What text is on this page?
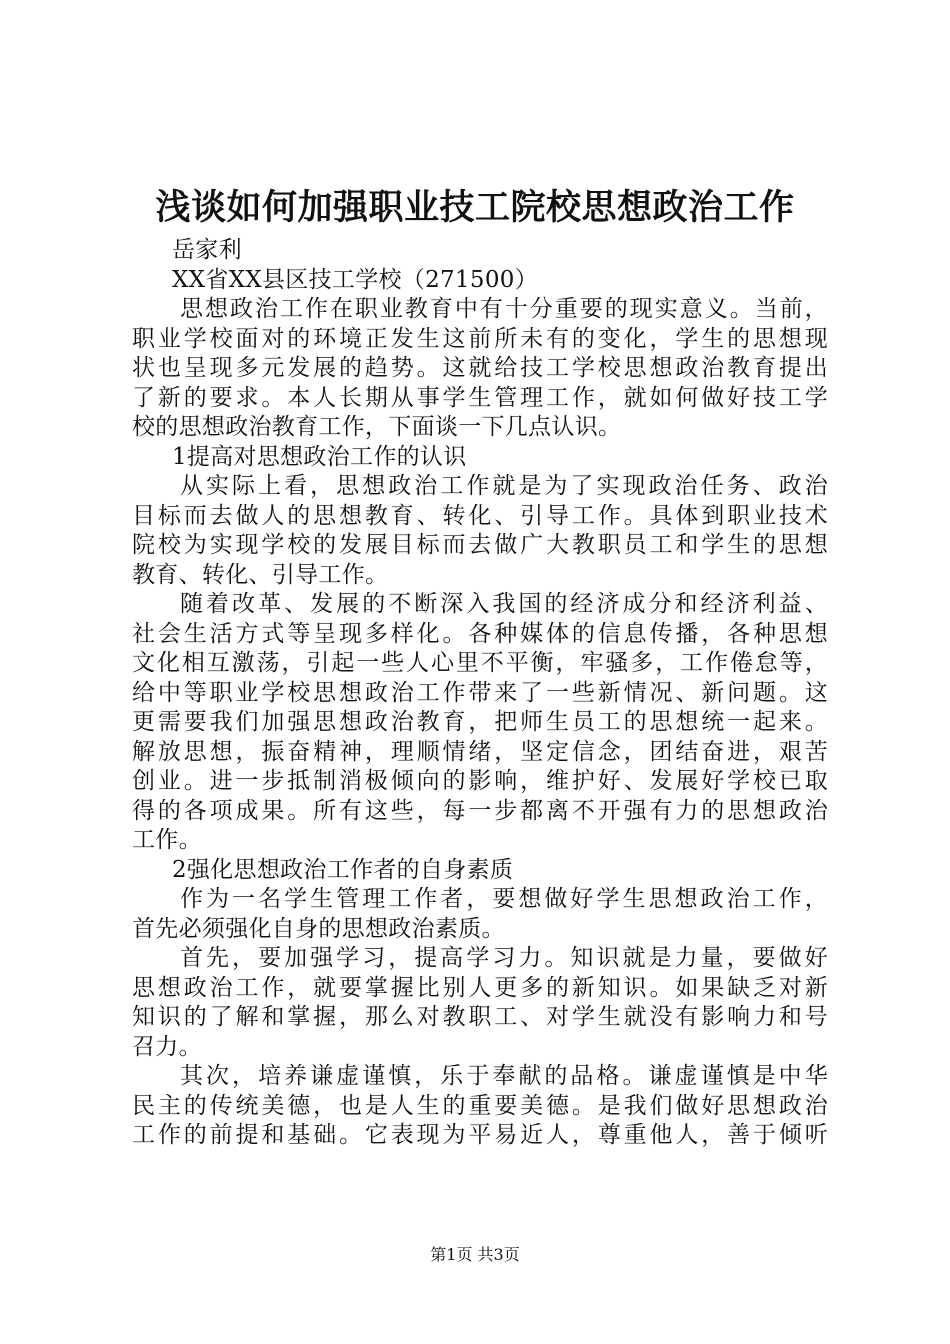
浅谈如何加强职业技工院校思想政治工作
岳家利
XX省XX县区技工学校（271500）
思想政治工作在职业教育中有十分重要的现实意义。当前，
职业学校面对的环境正发生这前所未有的变化，学生的思想现
状也呈现多元发展的趋势。这就给技工学校思想政治教育提出
了新的要求。本人长期从事学生管理工作，就如何做好技工学
校的思想政治教育工作，下面谈一下几点认识。
1提高对思想政治工作的认识
从实际上看，思想政治工作就是为了实现政治任务、政治
目标而去做人的思想教育、转化、引导工作。具体到职业技术
院校为实现学校的发展目标而去做广大教职员工和学生的思想
教育、转化、引导工作。
随着改革、发展的不断深入我国的经济成分和经济利益、
社会生活方式等呈现多样化。各种媒体的信息传播，各种思想
文化相互激荡，引起一些人心里不平衡，牢骚多，工作倦怠等，
给中等职业学校思想政治工作带来了一些新情况、新问题。这
更需要我们加强思想政治教育，把师生员工的思想统一起来。
解放思想，振奋精神，理顺情绪，坚定信念，团结奋进，艰苦
创业。进一步抵制消极倾向的影响，维护好、发展好学校已取
得的各项成果。所有这些，每一步都离不开强有力的思想政治
工作。
2强化思想政治工作者的自身素质
作为一名学生管理工作者，要想做好学生思想政治工作，
首先必须强化自身的思想政治素质。
首先，要加强学习，提高学习力。知识就是力量，要做好
思想政治工作，就要掌握比别人更多的新知识。如果缺乏对新
知识的了解和掌握，那么对教职工、对学生就没有影响力和号
召力。
其次，培养谦虚谨慎，乐于奉献的品格。谦虚谨慎是中华
民主的传统美德，也是人生的重要美德。是我们做好思想政治
工作的前提和基础。它表现为平易近人，尊重他人，善于倾听
第1页 共3页
